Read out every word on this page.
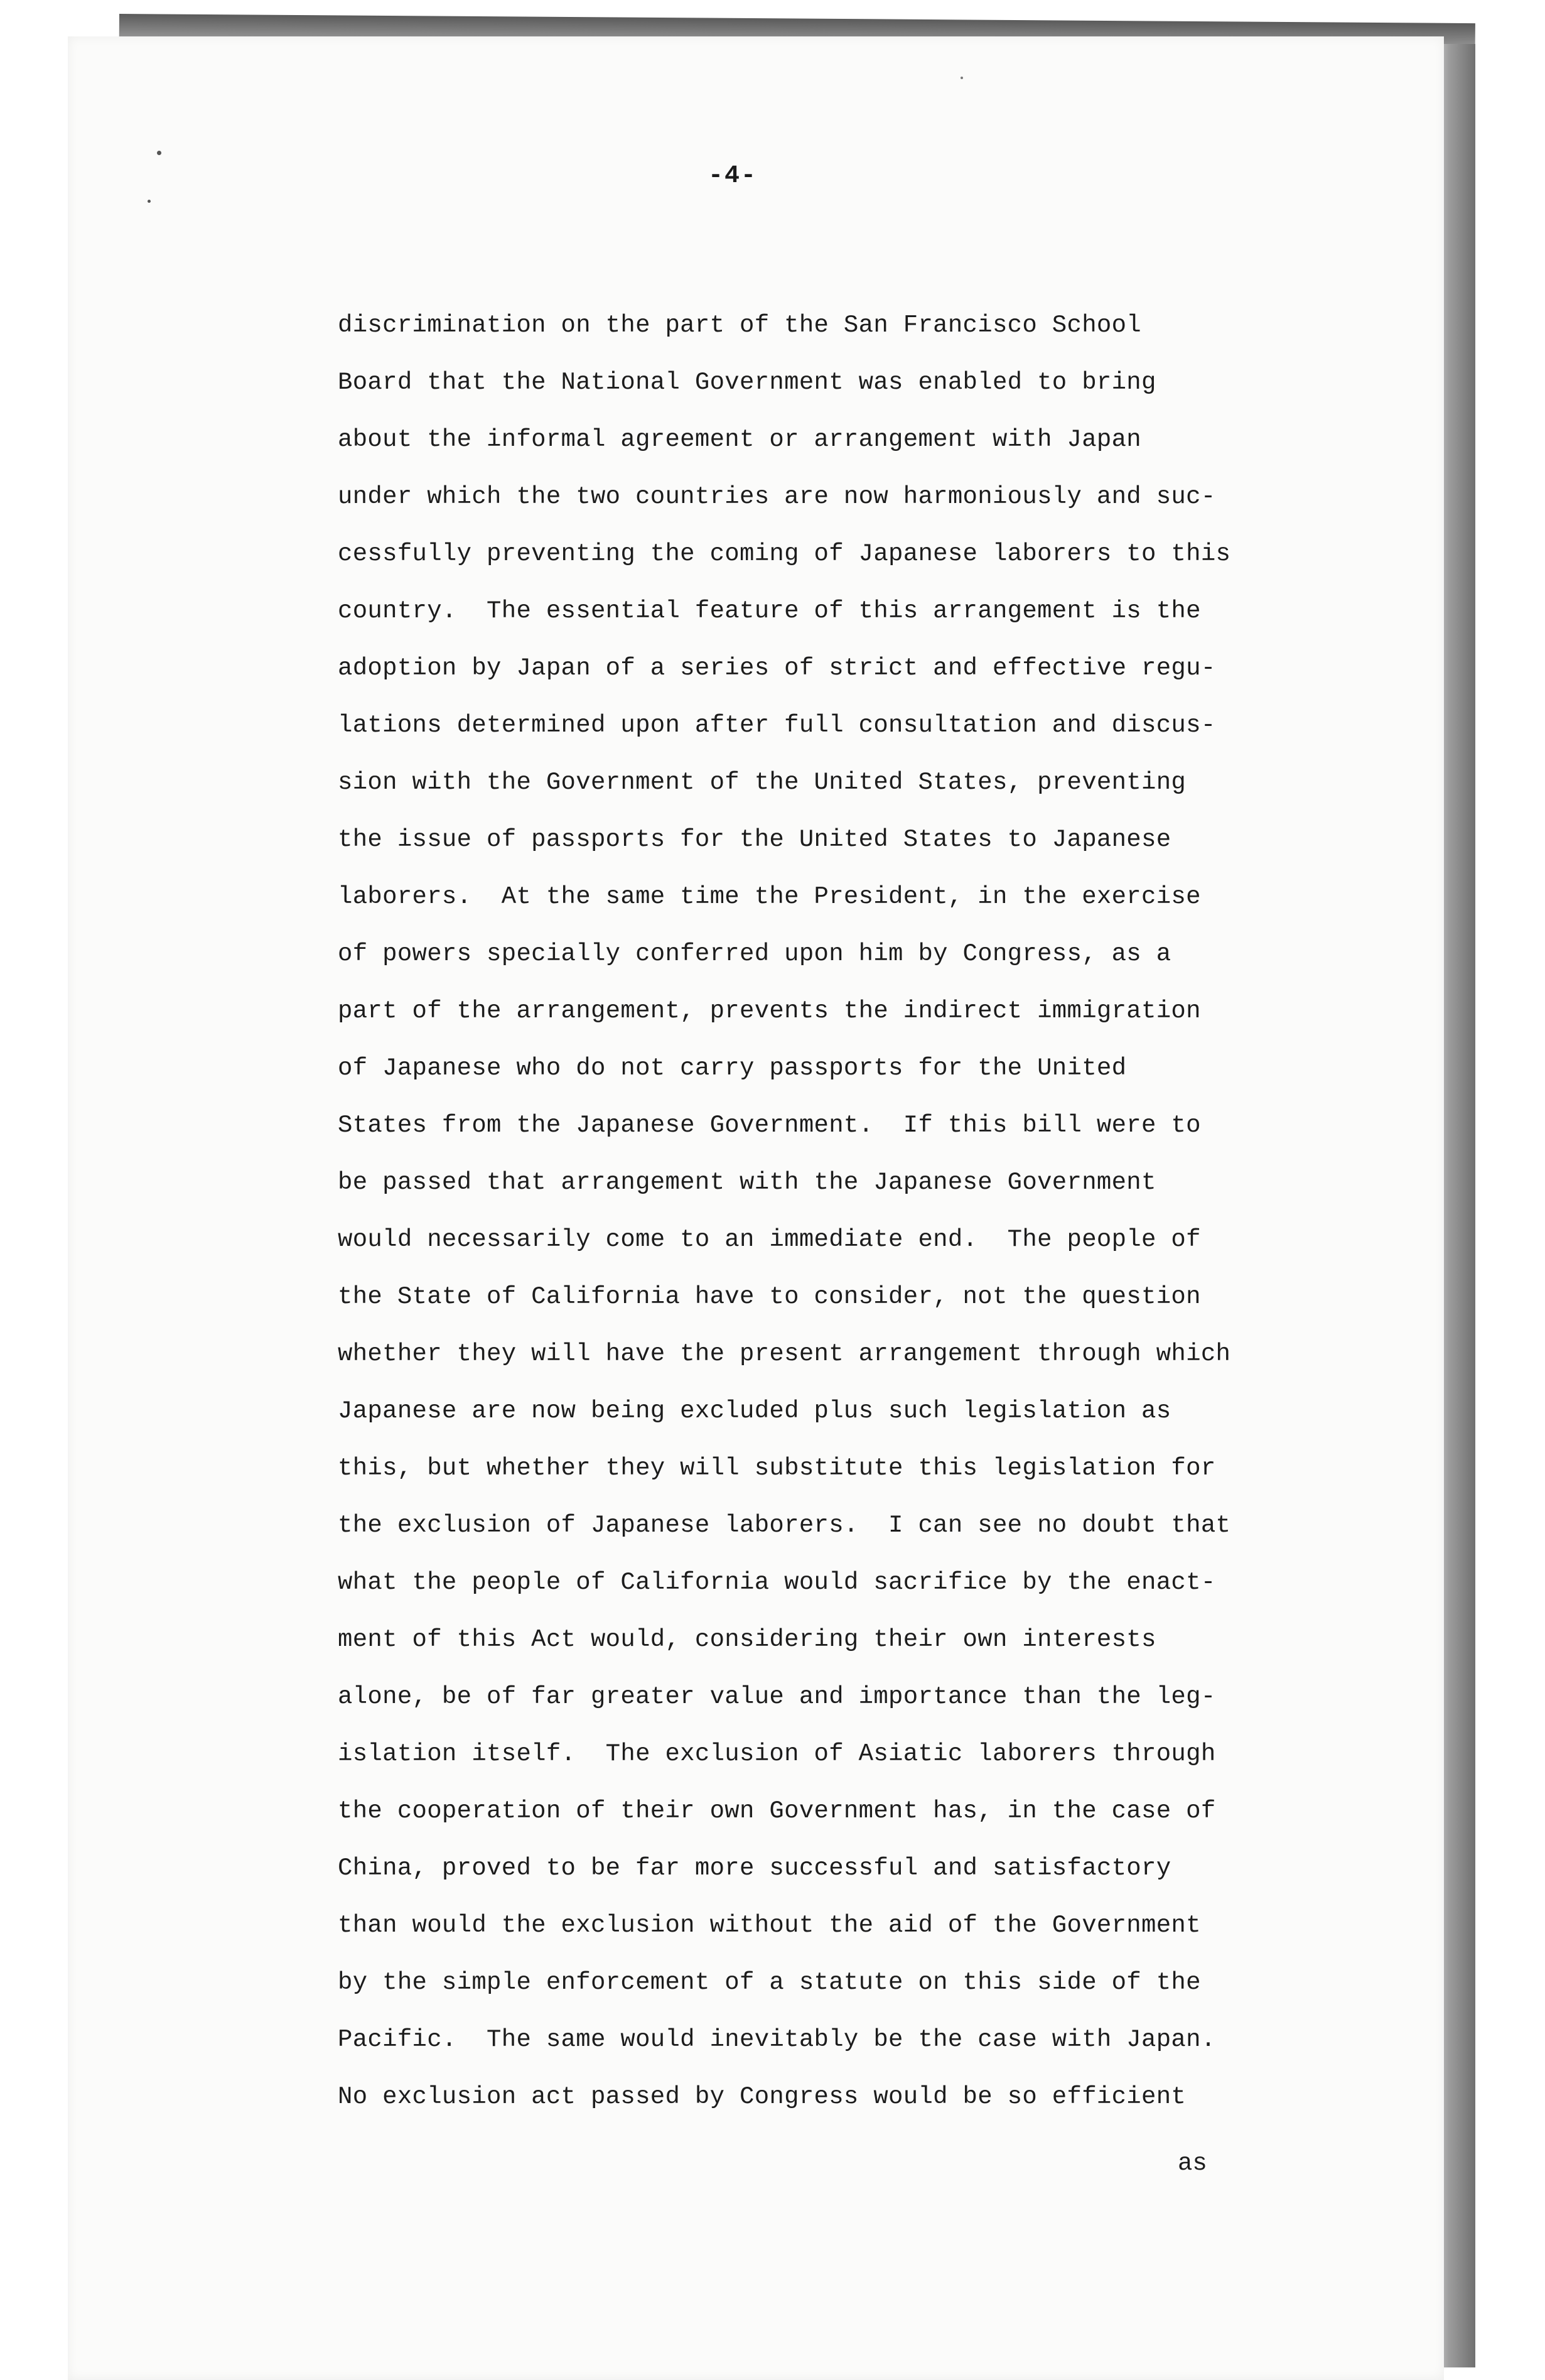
-4-
discrimination on the part of the San Francisco School
Board that the National Government was enabled to bring
about the informal agreement or arrangement with Japan
under which the two countries are now harmoniously and suc-
cessfully preventing the coming of Japanese laborers to this
country.  The essential feature of this arrangement is the
adoption by Japan of a series of strict and effective regu-
lations determined upon after full consultation and discus-
sion with the Government of the United States, preventing
the issue of passports for the United States to Japanese
laborers.  At the same time the President, in the exercise
of powers specially conferred upon him by Congress, as a
part of the arrangement, prevents the indirect immigration
of Japanese who do not carry passports for the United
States from the Japanese Government.  If this bill were to
be passed that arrangement with the Japanese Government
would necessarily come to an immediate end.  The people of
the State of California have to consider, not the question
whether they will have the present arrangement through which
Japanese are now being excluded plus such legislation as
this, but whether they will substitute this legislation for
the exclusion of Japanese laborers.  I can see no doubt that
what the people of California would sacrifice by the enact-
ment of this Act would, considering their own interests
alone, be of far greater value and importance than the leg-
islation itself.  The exclusion of Asiatic laborers through
the cooperation of their own Government has, in the case of
China, proved to be far more successful and satisfactory
than would the exclusion without the aid of the Government
by the simple enforcement of a statute on this side of the
Pacific.  The same would inevitably be the case with Japan.
No exclusion act passed by Congress would be so efficient
as
